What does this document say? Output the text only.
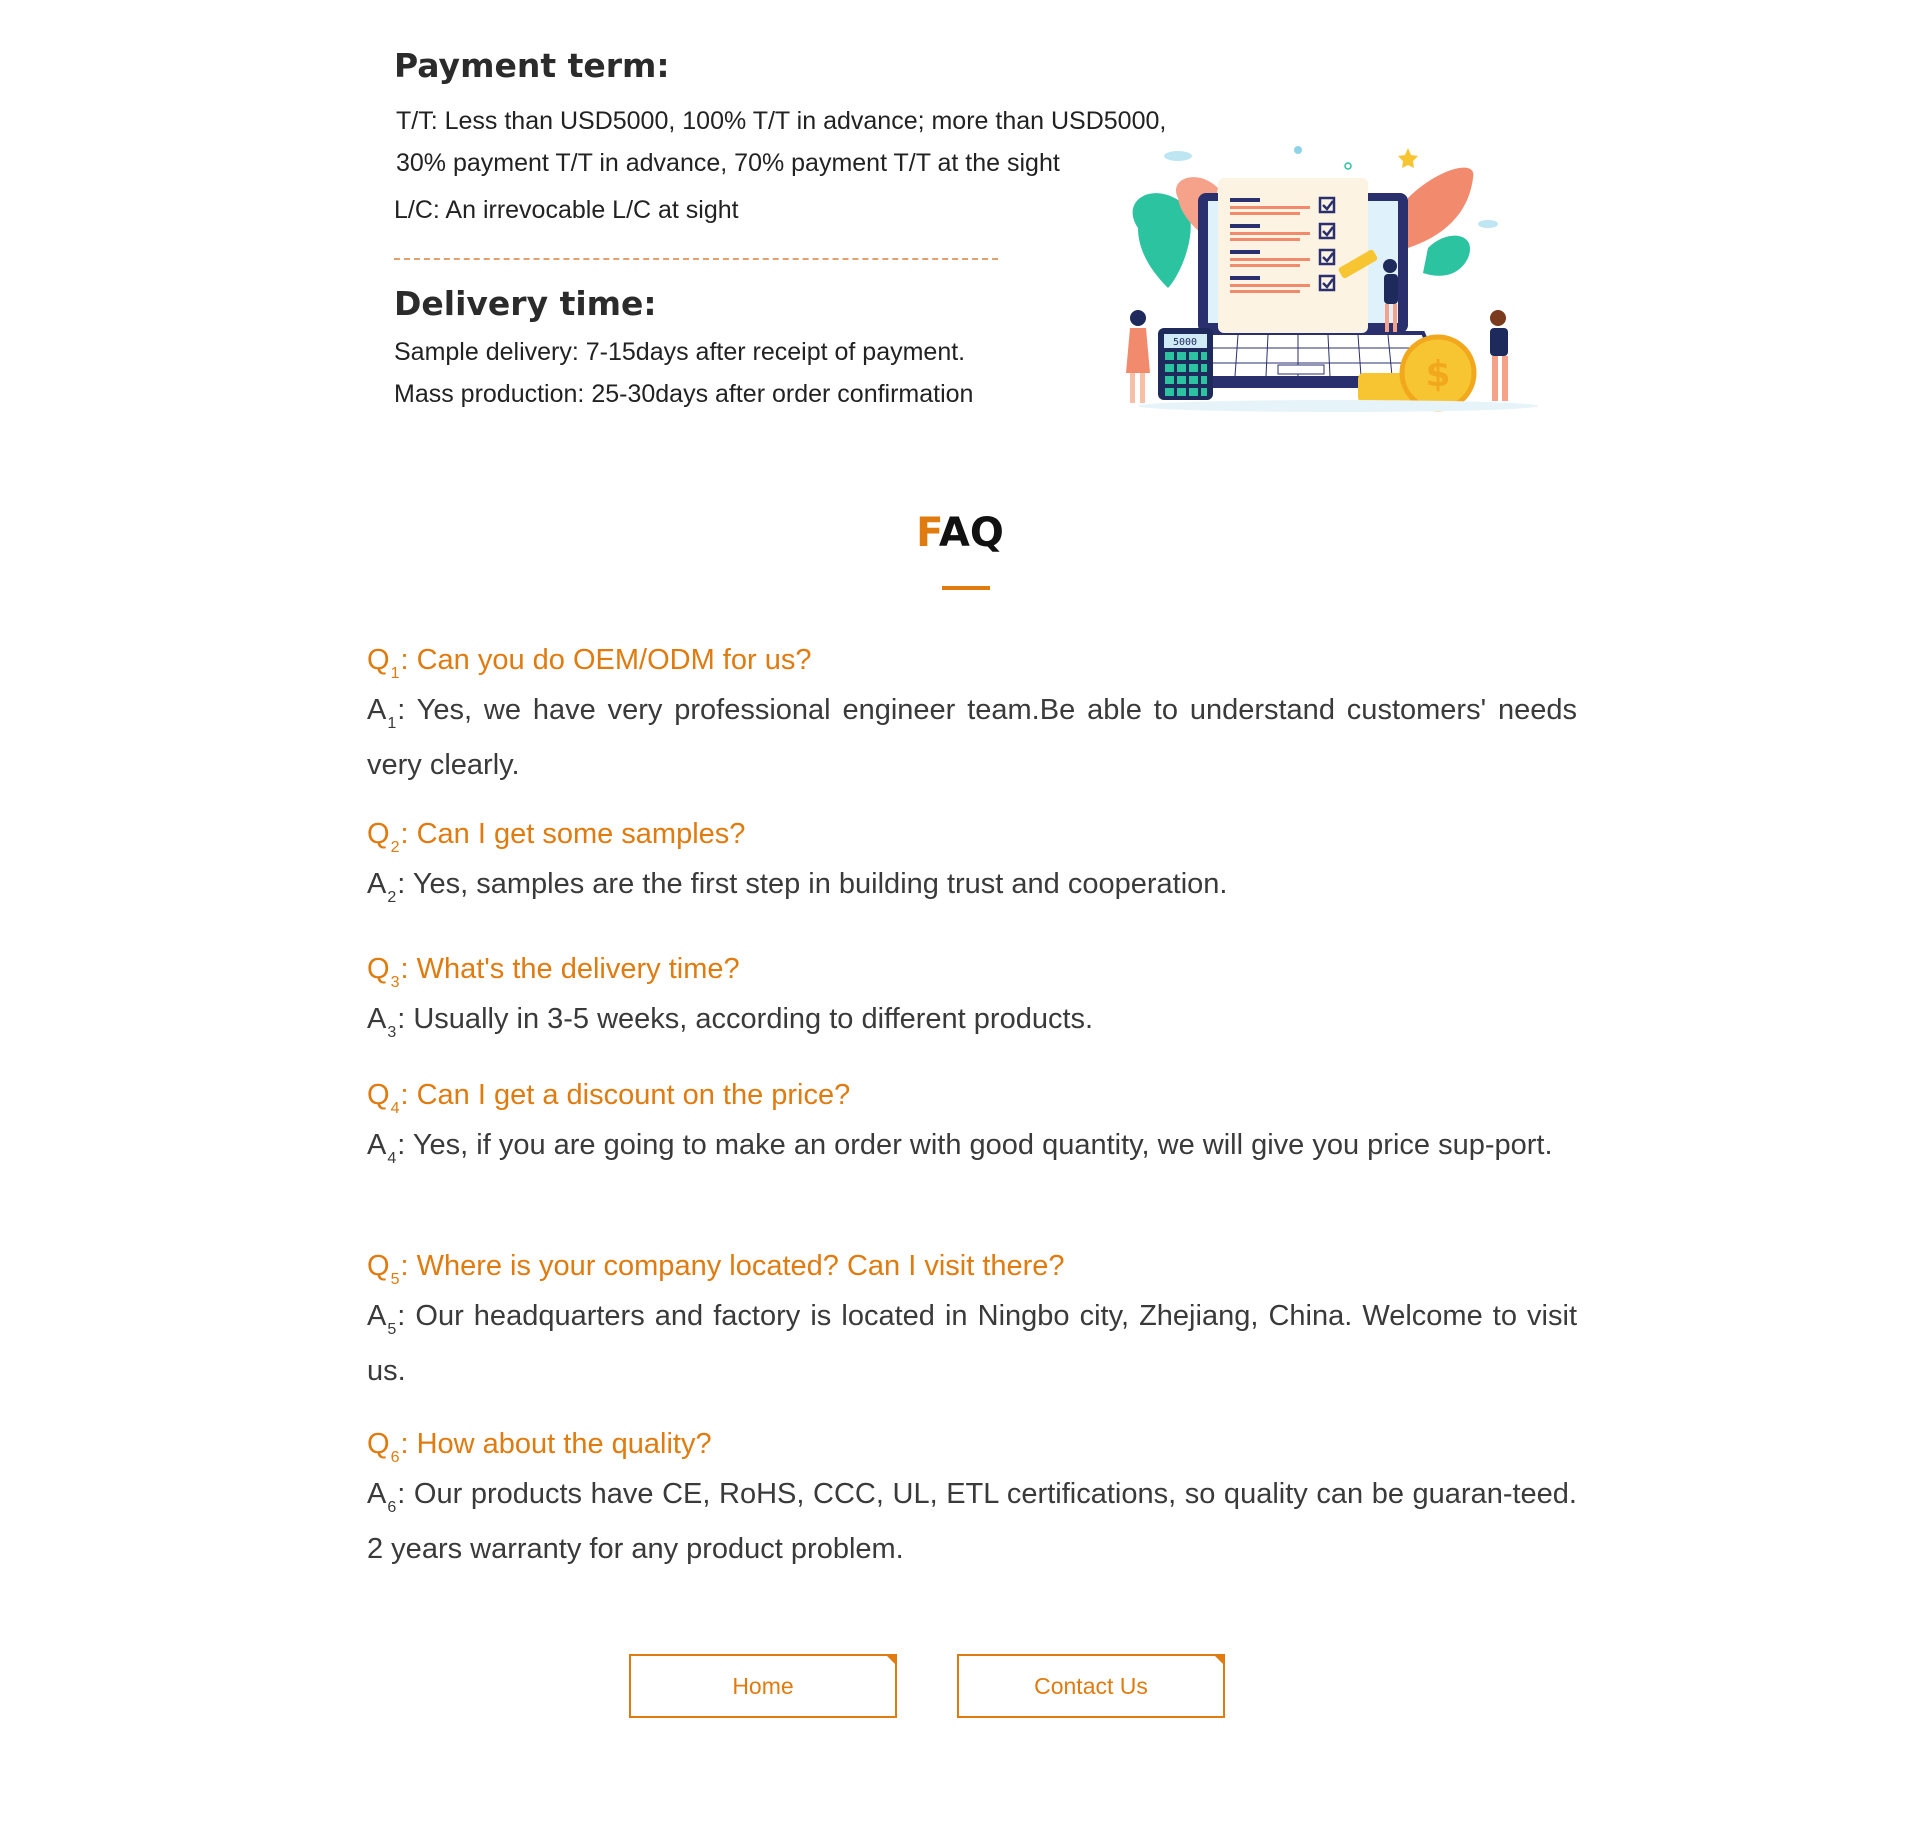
Payment term:
T/T: Less than USD5000, 100% T/T in advance; more than USD5000,
30% payment T/T in advance, 70% payment T/T at the sight
L/C: An irrevocable L/C at sight
Delivery time:
Sample delivery: 7-15days after receipt of payment.
Mass production: 25-30days after order confirmation
5000
$
FAQ

$Q_1$: Can you do OEM/ODM for us?

$A_1$: Yes, we have very professional engineer team.Be able to understand customers' needs very clearly.

$Q_2$: Can I get some samples?

$A_2$: Yes, samples are the first step in building trust and cooperation.

$Q_3$: What's the delivery time?

$A_3$: Usually in 3-5 weeks, according to different products.

$Q_4$: Can I get a discount on the price?

$A_4$: Yes, if you are going to make an order with good quantity, we will give you price sup-port.

$Q_5$: Where is your company located? Can I visit there?

$A_5$: Our headquarters and factory is located in Ningbo city, Zhejiang, China. Welcome to visit us.

$Q_6$: How about the quality?

$A_6$: Our products have CE, RoHS, CCC, UL, ETL certifications, so quality can be guaran-teed. 2 years warranty for any product problem.

Home	Contact Us
